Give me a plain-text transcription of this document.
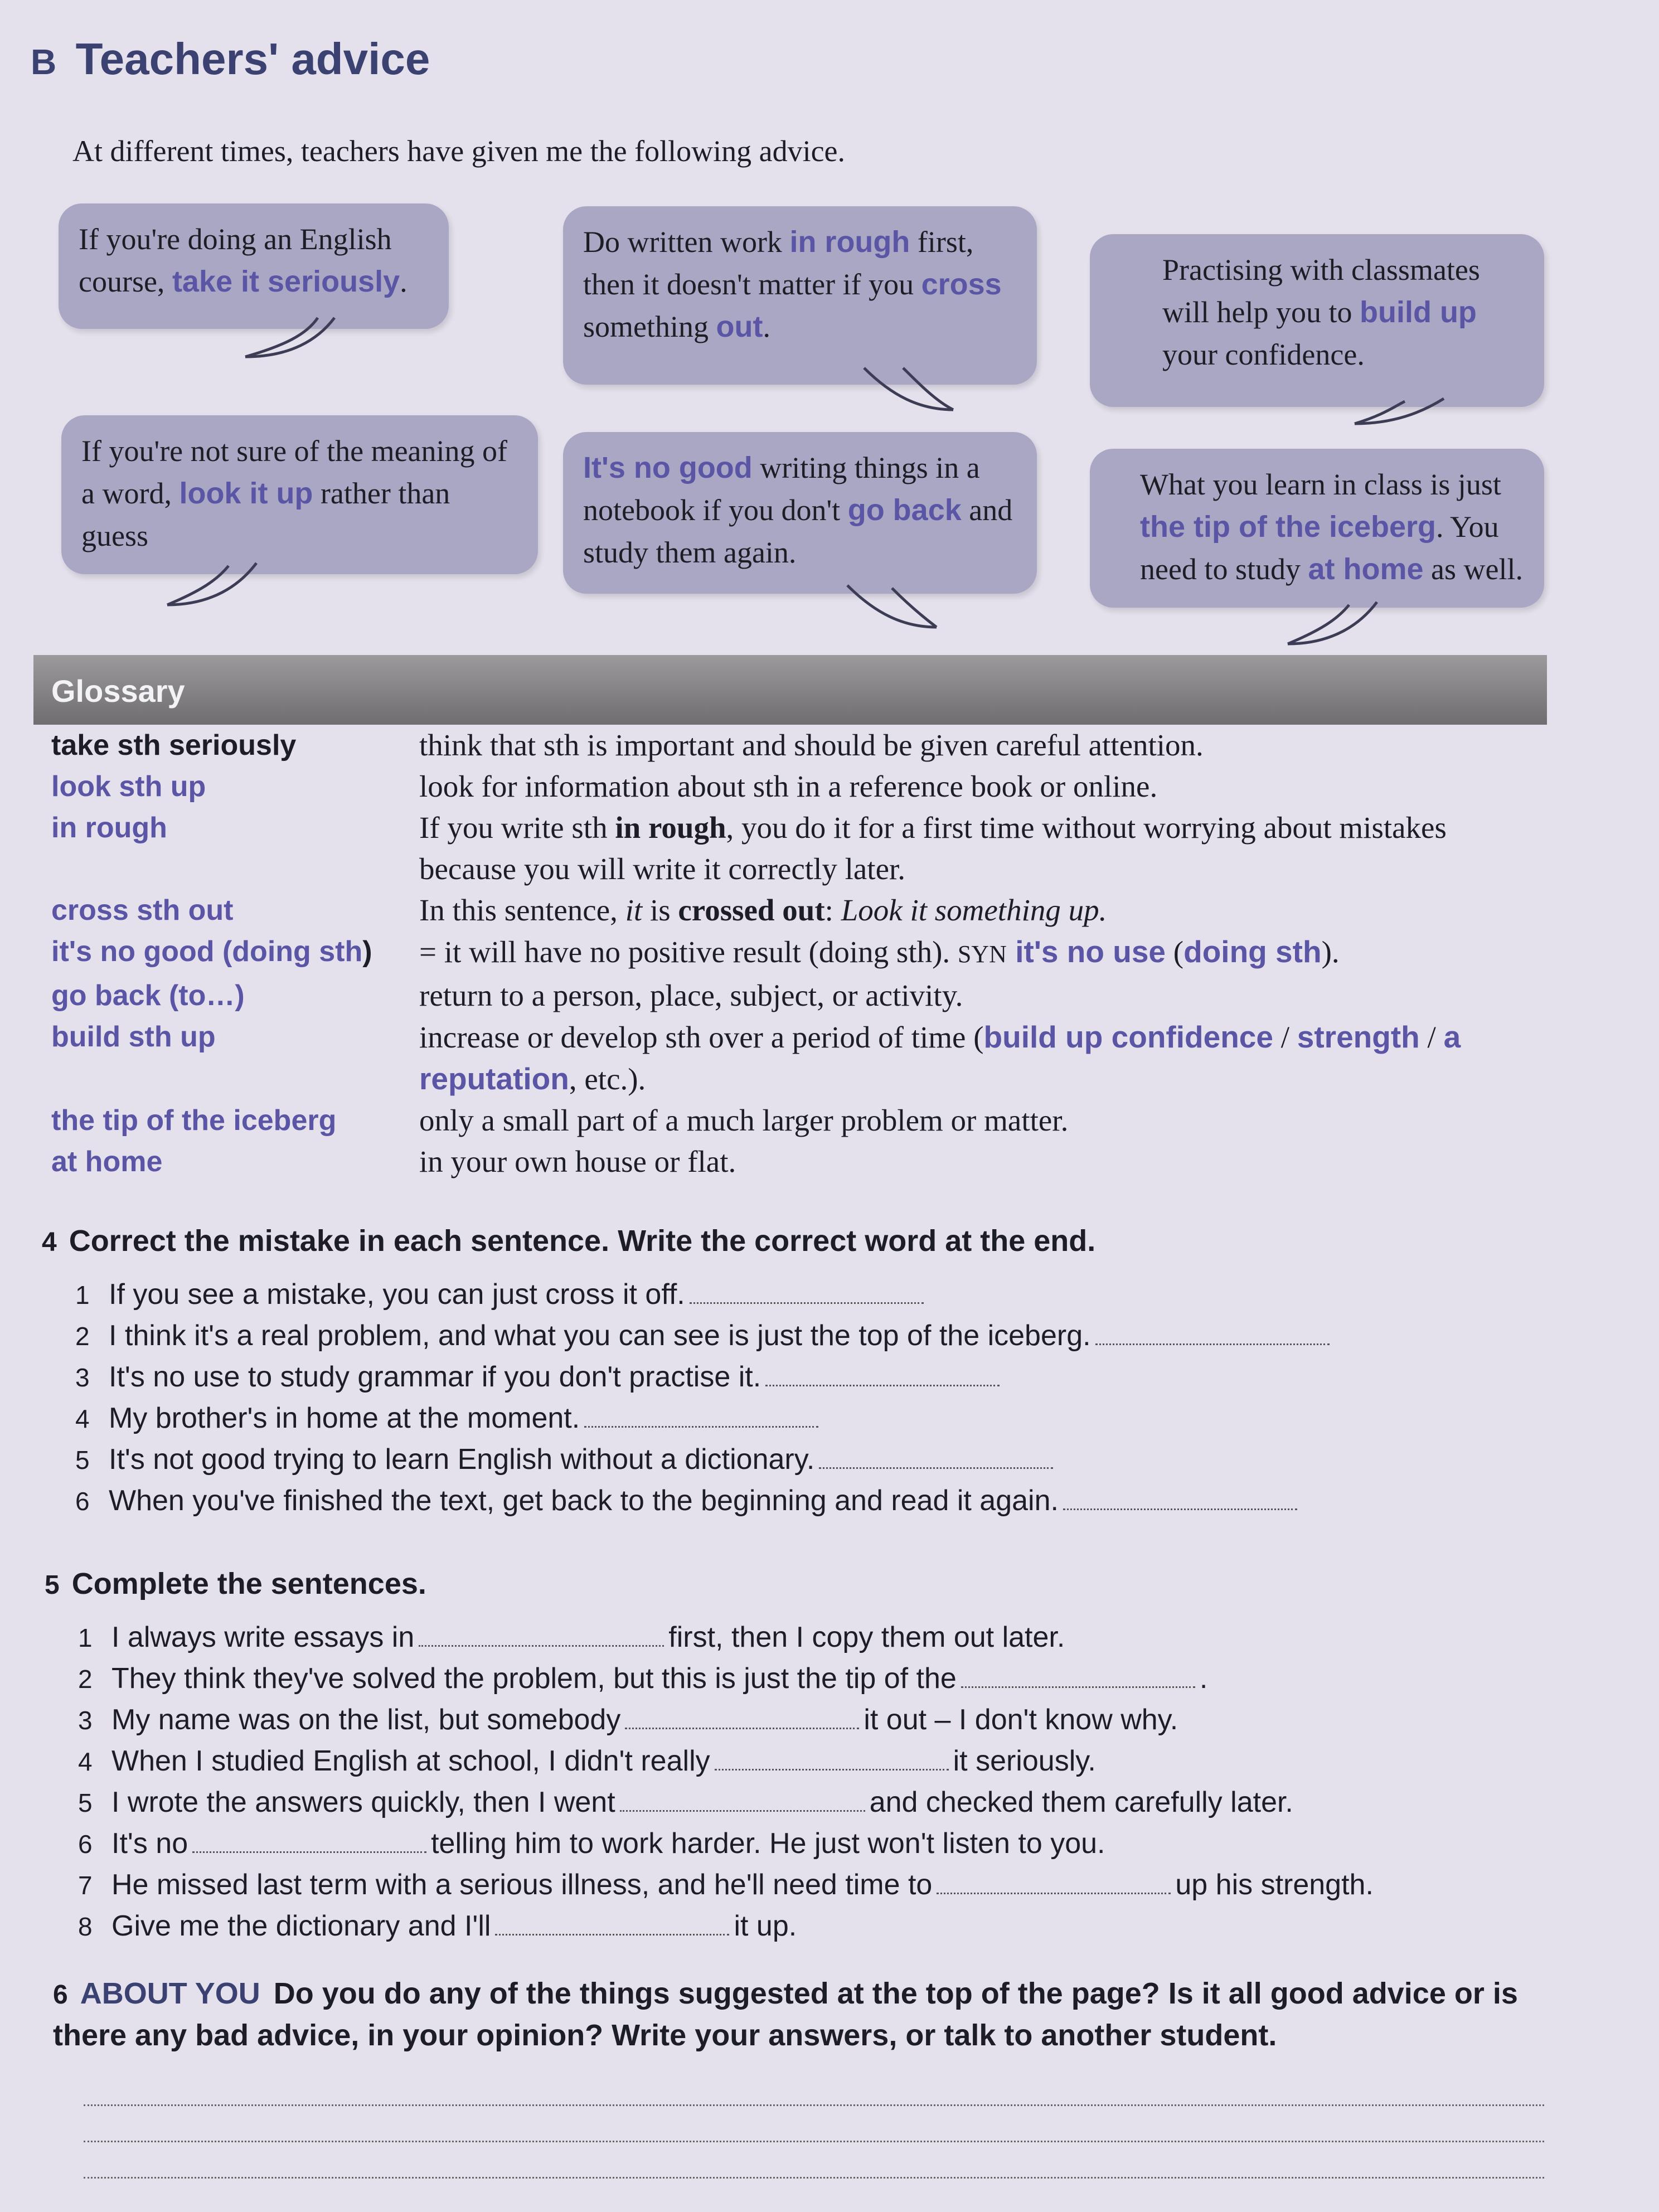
B Teachers' advice
At different times, teachers have given me the following advice.
If you're doing an English course, take it seriously.
Do written work in rough first, then it doesn't matter if you cross something out.
Practising with classmates will help you to build up your confidence.
If you're not sure of the meaning of a word, look it up rather than guess
It's no good writing things in a notebook if you don't go back and study them again.
What you learn in class is just the tip of the iceberg. You need to study at home as well.
Glossary
take sth seriously	think that sth is important and should be given careful attention.
look sth up	look for information about sth in a reference book or online.
in rough	If you write sth in rough, you do it for a first time without worrying about mistakes because you will write it correctly later.
cross sth out	In this sentence, it is crossed out: Look it something up.
it's no good (doing sth)	= it will have no positive result (doing sth). SYN it's no use (doing sth).
go back (to…)	return to a person, place, subject, or activity.
build sth up	increase or develop sth over a period of time (build up confidence / strength / a reputation, etc.).
the tip of the iceberg	only a small part of a much larger problem or matter.
at home	in your own house or flat.
4 Correct the mistake in each sentence. Write the correct word at the end.
1 If you see a mistake, you can just cross it off.
2 I think it's a real problem, and what you can see is just the top of the iceberg.
3 It's no use to study grammar if you don't practise it.
4 My brother's in home at the moment.
5 It's not good trying to learn English without a dictionary.
6 When you've finished the text, get back to the beginning and read it again.
5 Complete the sentences.
1 I always write essays in	first, then I copy them out later.
2 They think they've solved the problem, but this is just the tip of the	.
3 My name was on the list, but somebody	it out – I don't know why.
4 When I studied English at school, I didn't really	it seriously.
5 I wrote the answers quickly, then I went	and checked them carefully later.
6 It's no	telling him to work harder. He just won't listen to you.
7 He missed last term with a serious illness, and he'll need time to	up his strength.
8 Give me the dictionary and I'll	it up.
6 ABOUT YOU Do you do any of the things suggested at the top of the page? Is it all good advice or is there any bad advice, in your opinion? Write your answers, or talk to another student.
